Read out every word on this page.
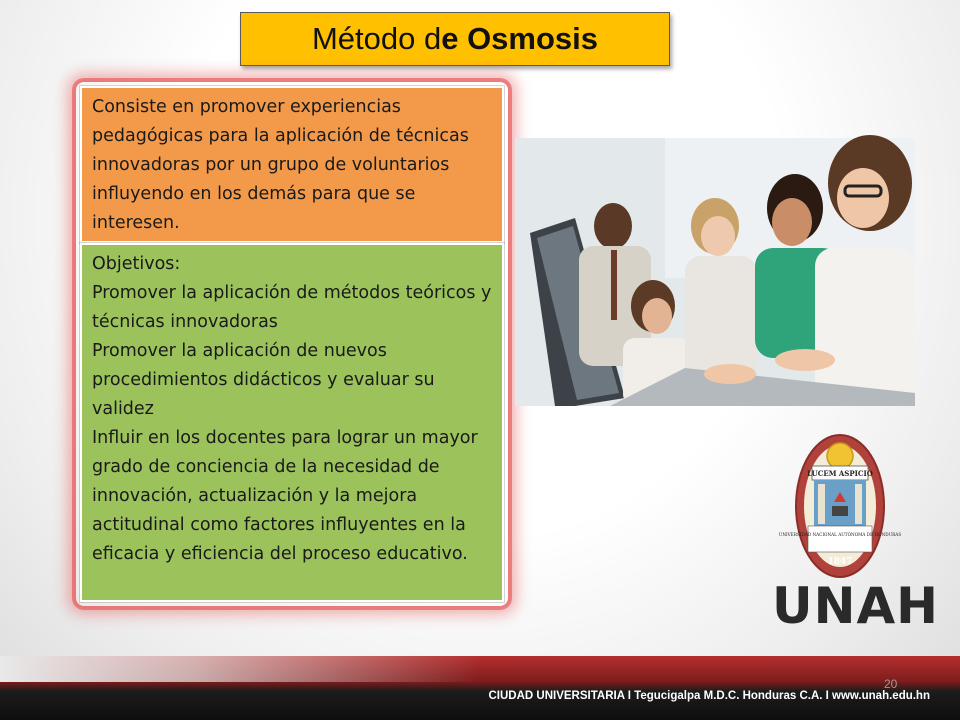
Método d e Osmosis
Consiste en promover experiencias pedagógicas para la aplicación de técnicas innovadoras por un grupo de voluntarios influyendo en los demás para que se interesen.
Objetivos:
Promover la aplicación de métodos teóricos y técnicas innovadoras
Promover la aplicación de nuevos procedimientos didácticos y evaluar su validez
Influir en los docentes para lograr un mayor grado de conciencia de la necesidad de innovación, actualización y la mejora actitudinal como factores influyentes en la eficacia y eficiencia del proceso educativo.
LUCEM ASPICIO
UNIVERSIDAD NACIONAL AUTÓNOMA DE HONDURAS
1847
UNAH
20
CIUDAD UNIVERSITARIA I Tegucigalpa M.D.C. Honduras C.A. I www.unah.edu.hn
